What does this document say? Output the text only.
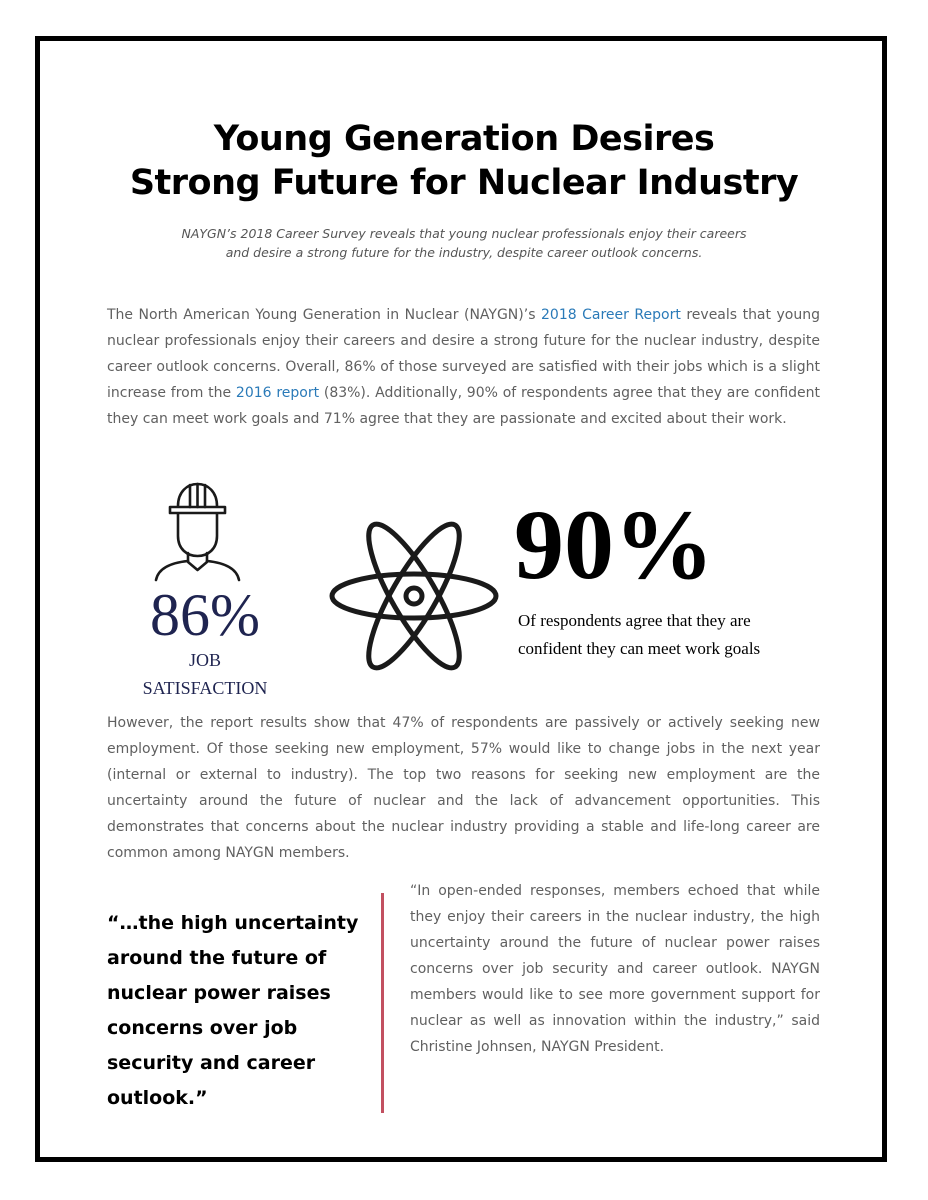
Young Generation Desires
Strong Future for Nuclear Industry

NAYGN’s 2018 Career Survey reveals that young nuclear professionals enjoy their careers
and desire a strong future for the industry, despite career outlook concerns.

The North American Young Generation in Nuclear (NAYGN)’s 2018 Career Report reveals that young nuclear professionals enjoy their careers and desire a strong future for the nuclear industry, despite career outlook concerns. Overall, 86% of those surveyed are satisfied with their jobs which is a slight increase from the 2016 report (83%). Additionally, 90% of respondents agree that they are confident they can meet work goals and 71% agree that they are passionate and excited about their work.

86%
JOB
SATISFACTION
90%
Of respondents agree that they are
confident they can meet work goals

However, the report results show that 47% of respondents are passively or actively seeking new employment. Of those seeking new employment, 57% would like to change jobs in the next year (internal or external to industry). The top two reasons for seeking new employment are the uncertainty around the future of nuclear and the lack of advancement opportunities. This demonstrates that concerns about the nuclear industry providing a stable and life-long career are common among NAYGN members.

“…the high uncertainty around the future of nuclear power raises concerns over job security and career outlook.”

“In open-ended responses, members echoed that while they enjoy their careers in the nuclear industry, the high uncertainty around the future of nuclear power raises concerns over job security and career outlook. NAYGN members would like to see more government support for nuclear as well as innovation within the industry,” said Christine Johnsen, NAYGN President.
